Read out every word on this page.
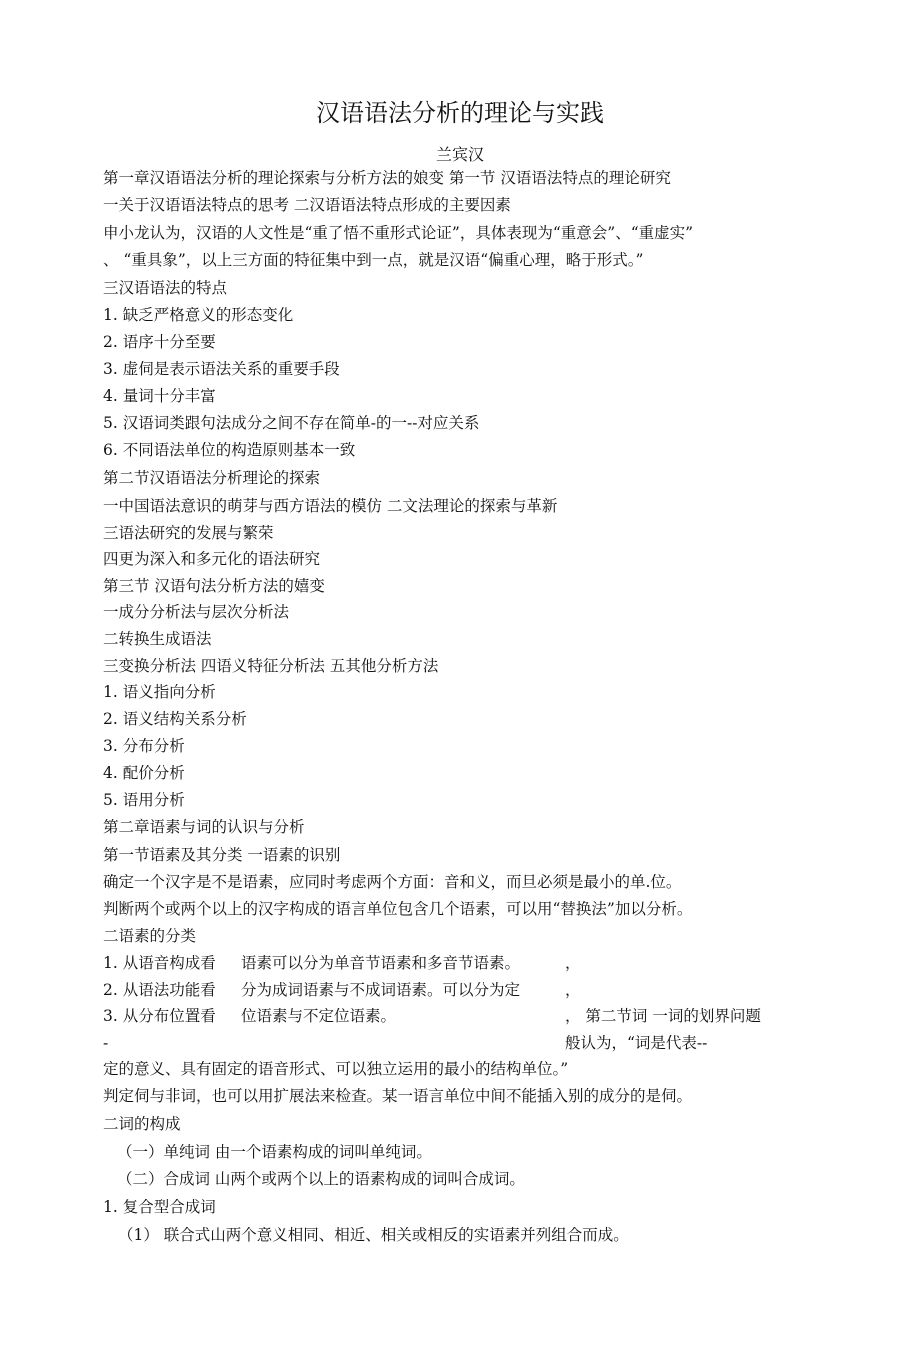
汉语语法分析的理论与实践
兰宾汉
第一章汉语语法分析的理论探索与分析方法的娘变 第一节 汉语语法特点的理论研究
一关于汉语语法特点的思考 二汉语语法特点形成的主要因素
申小龙认为，汉语的人文性是“重了悟不重形式论证”，具体表现为“重意会”、“重虚实”
、 “重具象”，以上三方面的特征集中到一点，就是汉语“偏重心理，略于形式。”
三汉语语法的特点
1. 缺乏严格意义的形态变化
2. 语序十分至要
3. 虚伺是表示语法关系的重要手段
4. 量词十分丰富
5. 汉语词类跟句法成分之间不存在简单-的一--对应关系
6. 不同语法单位的构造原则基本一致
第二节汉语语法分析理论的探索
一中国语法意识的萌芽与西方语法的模仿 二文法理论的探索与革新
三语法研究的发展与繁荣
四更为深入和多元化的语法研究
第三节 汉语句法分析方法的嬉变
一成分分析法与层次分析法
二转换生成语法
三变换分析法 四语义特征分析法 五其他分析方法
1. 语义指向分析
2. 语义结构关系分析
3. 分布分析
4. 配价分析
5. 语用分析
第二章语素与词的认识与分析
第一节语素及其分类 一语素的识别
确定一个汉字是不是语素，应同时考虑两个方面：音和义，而旦必须是最小的单.位。
判断两个或两个以上的汉字构成的语言单位包含几个语素，可以用“替换法”加以分析。
二语素的分类
1. 从语音构成看 语素可以分为单音节语素和多音节语素。	，
2. 从语法功能看 分为成词语素与不成词语素。可以分为定	，
3. 从分布位置看 位语素与不定位语素。	， 第二节词 一词的划界问题
-	般认为，“词是代表--
定的意义、具有固定的语音形式、可以独立运用的最小的结构单位。”
判定伺与非词，也可以用扩展法来检查。某一语言单位中间不能插入别的成分的是伺。
二词的构成
（一）单纯词 由一个语素构成的词叫单纯词。
（二）合成词 山两个或两个以上的语素构成的词叫合成词。
1. 复合型合成词
（1） 联合式山两个意义相同、相近、相关或相反的实语素并列组合而成。
